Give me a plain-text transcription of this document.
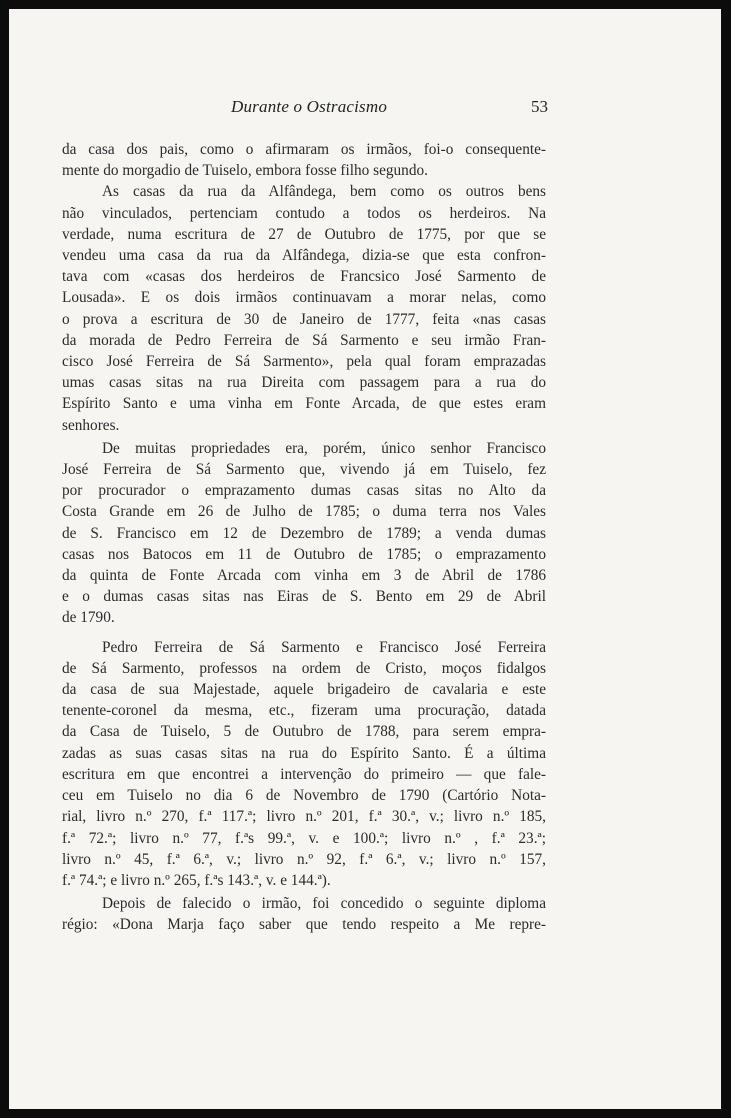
Durante o Ostracismo	53
da casa dos pais, como o afirmaram os irmãos, foi-o consequente-
mente do morgadio de Tuiselo, embora fosse filho segundo.
As casas da rua da Alfândega, bem como os outros bens
não vinculados, pertenciam contudo a todos os herdeiros. Na
verdade, numa escritura de 27 de Outubro de 1775, por que se
vendeu uma casa da rua da Alfândega, dizia-se que esta confron-
tava com «casas dos herdeiros de Francsico José Sarmento de
Lousada». E os dois irmãos continuavam a morar nelas, como
o prova a escritura de 30 de Janeiro de 1777, feita «nas casas
da morada de Pedro Ferreira de Sá Sarmento e seu irmão Fran-
cisco José Ferreira de Sá Sarmento», pela qual foram emprazadas
umas casas sitas na rua Direita com passagem para a rua do
Espírito Santo e uma vinha em Fonte Arcada, de que estes eram
senhores.
De muitas propriedades era, porém, único senhor Francisco
José Ferreira de Sá Sarmento que, vivendo já em Tuiselo, fez
por procurador o emprazamento dumas casas sitas no Alto da
Costa Grande em 26 de Julho de 1785; o duma terra nos Vales
de S. Francisco em 12 de Dezembro de 1789; a venda dumas
casas nos Batocos em 11 de Outubro de 1785; o emprazamento
da quinta de Fonte Arcada com vinha em 3 de Abril de 1786
e o dumas casas sitas nas Eiras de S. Bento em 29 de Abril
de 1790.
Pedro Ferreira de Sá Sarmento e Francisco José Ferreira
de Sá Sarmento, professos na ordem de Cristo, moços fidalgos
da casa de sua Majestade, aquele brigadeiro de cavalaria e este
tenente-coronel da mesma, etc., fizeram uma procuração, datada
da Casa de Tuiselo, 5 de Outubro de 1788, para serem empra-
zadas as suas casas sitas na rua do Espírito Santo. É a última
escritura em que encontrei a intervenção do primeiro — que fale-
ceu em Tuiselo no dia 6 de Novembro de 1790 (Cartório Nota-
rial, livro n.º 270, f.ª 117.ª; livro n.º 201, f.ª 30.ª, v.; livro n.º 185,
f.ª 72.ª; livro n.º 77, f.ªs 99.ª, v. e 100.ª; livro n.º , f.ª 23.ª;
livro n.º 45, f.ª 6.ª, v.; livro n.º 92, f.ª 6.ª, v.; livro n.º 157,
f.ª 74.ª; e livro n.º 265, f.ªs 143.ª, v. e 144.ª).
Depois de falecido o irmão, foi concedido o seguinte diploma
régio: «Dona Marja faço saber que tendo respeito a Me repre-
